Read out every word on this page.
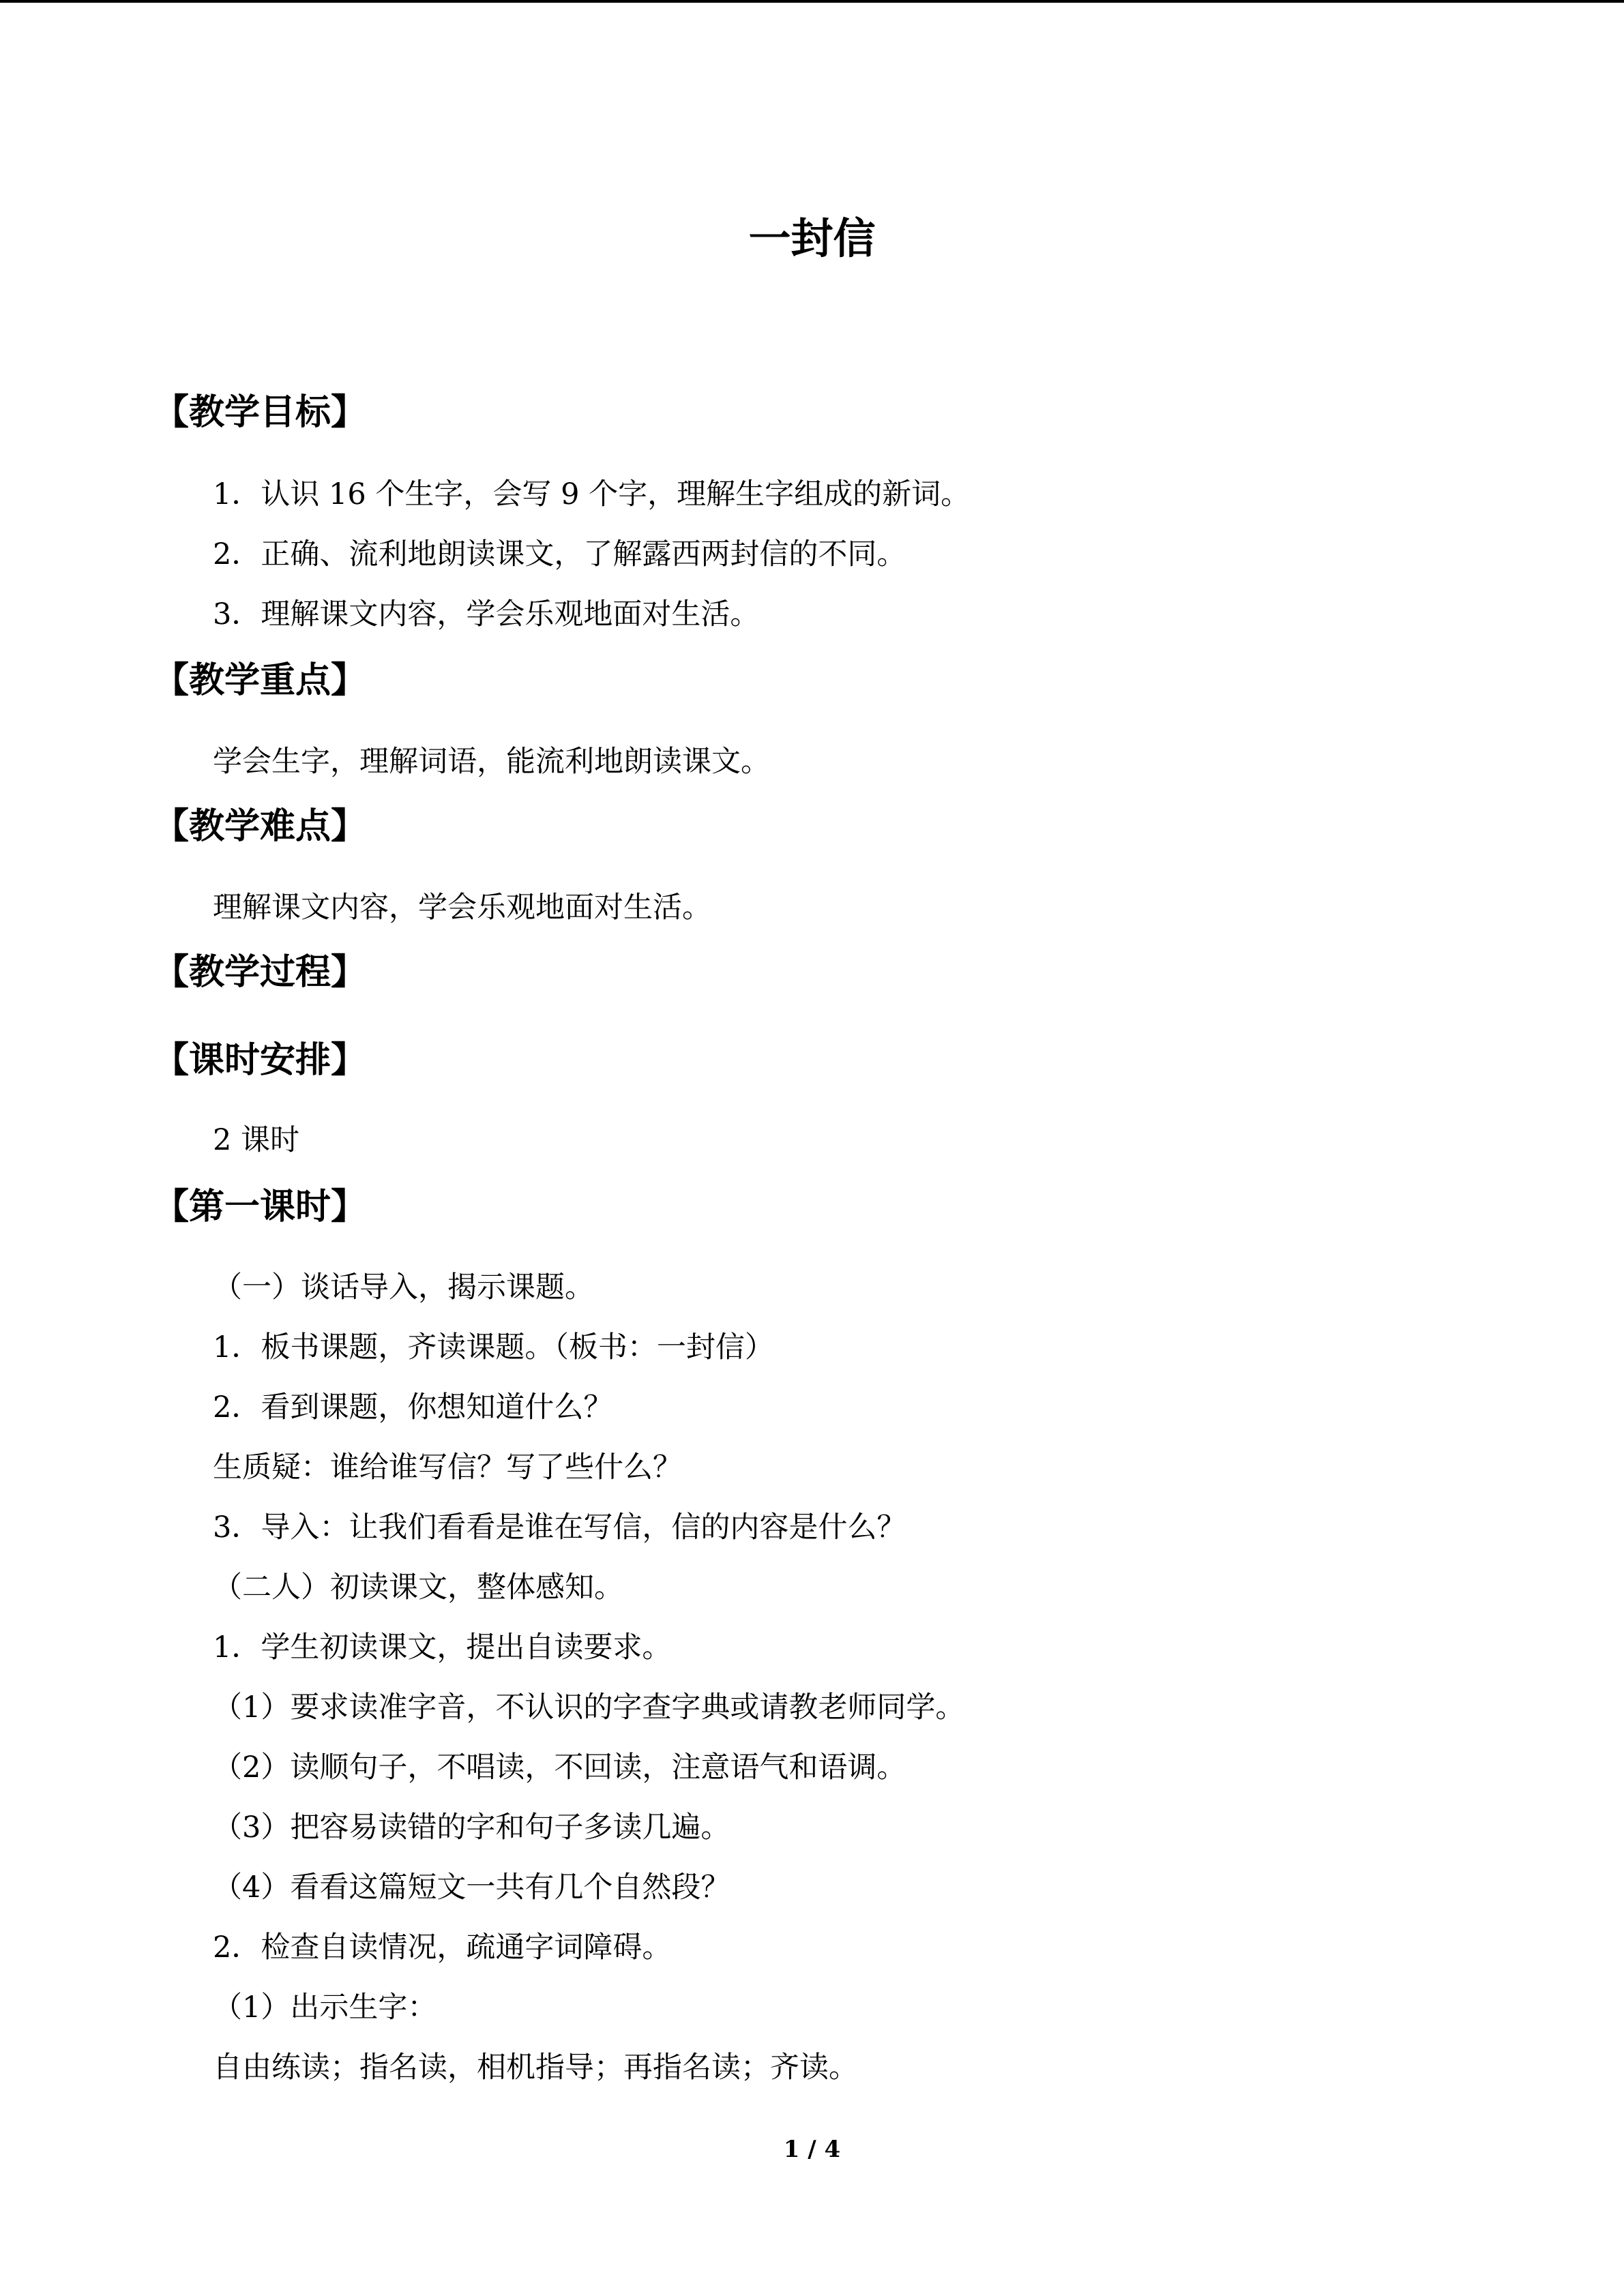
一封信
【教学目标】
1．认识 16 个生字，会写 9 个字，理解生字组成的新词。
2．正确、流利地朗读课文，了解露西两封信的不同。
3．理解课文内容，学会乐观地面对生活。
【教学重点】
学会生字，理解词语，能流利地朗读课文。
【教学难点】
理解课文内容，学会乐观地面对生活。
【教学过程】
【课时安排】
2 课时
【第一课时】
（一）谈话导入，揭示课题。
1．板书课题，齐读课题。（板书：一封信）
2．看到课题，你想知道什么？
生质疑：谁给谁写信？写了些什么？
3．导入：让我们看看是谁在写信，信的内容是什么？
（二人）初读课文，整体感知。
1．学生初读课文，提出自读要求。
（1）要求读准字音，不认识的字查字典或请教老师同学。
（2）读顺句子，不唱读，不回读，注意语气和语调。
（3）把容易读错的字和句子多读几遍。
（4）看看这篇短文一共有几个自然段？
2．检查自读情况，疏通字词障碍。
（1）出示生字：
自由练读；指名读，相机指导；再指名读；齐读。
1 / 4
